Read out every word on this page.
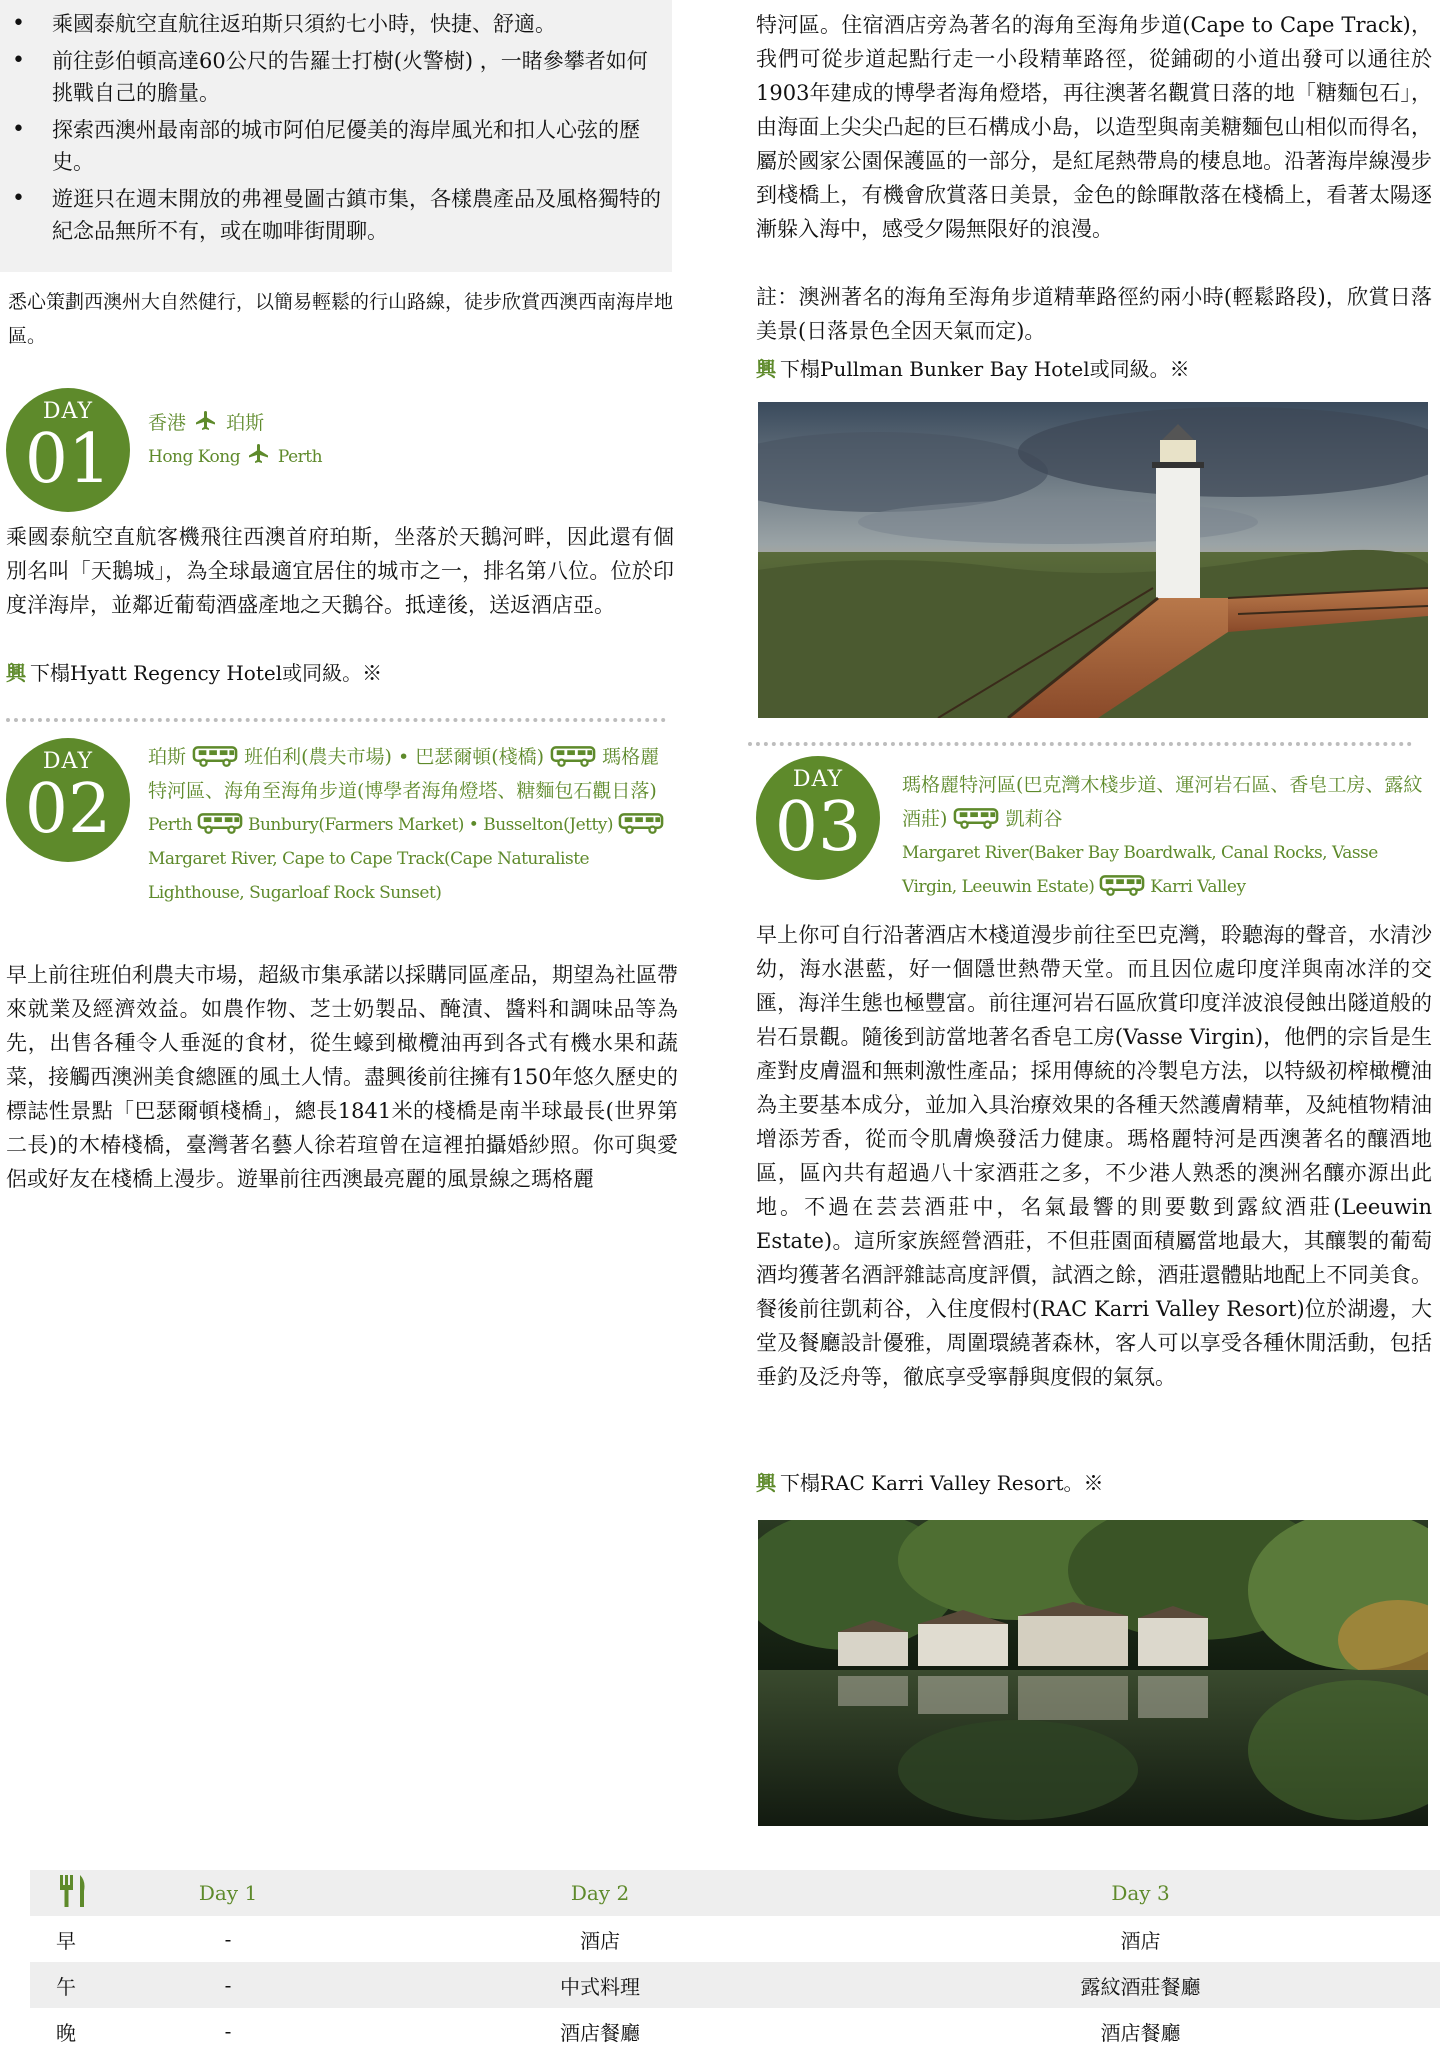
• 乘國泰航空直航往返珀斯只須約七小時，快捷、舒適。
• 前往彭伯頓高達60公尺的告羅士打樹(火警樹) ，一睹參攀者如何挑戰自己的膽量。
• 探索西澳州最南部的城市阿伯尼優美的海岸風光和扣人心弦的歷史。
• 遊逛只在週末開放的弗裡曼圖古鎮市集，各樣農產品及風格獨特的紀念品無所不有，或在咖啡街閒聊。
悉心策劃西澳州大自然健行，以簡易輕鬆的行山路線，徒步欣賞西澳西南海岸地區。
DAY
01	香港 珀斯
Hong Kong Perth
乘國泰航空直航客機飛往西澳首府珀斯，坐落於天鵝河畔，因此還有個別名叫「天鵝城」，為全球最適宜居住的城市之一，排名第八位。位於印度洋海岸，並鄰近葡萄酒盛產地之天鵝谷。抵達後，送返酒店亞。
興 下榻Hyatt Regency Hotel或同級。※
DAY
02
珀斯	班伯利(農夫市場) • 巴瑟爾頓(棧橋)	瑪格麗特河區、海角至海角步道(博學者海角燈塔、糖麵包石觀日落)
Perth	Bunbury(Farmers Market) • Busselton(Jetty)  Margaret River, Cape to Cape Track(Cape Naturaliste Lighthouse, Sugarloaf Rock Sunset)
早上前往班伯利農夫市場，超級市集承諾以採購同區產品，期望為社區帶來就業及經濟效益。如農作物、芝士奶製品、醃漬、醬料和調味品等為先，出售各種令人垂涎的食材，從生蠔到橄欖油再到各式有機水果和蔬菜，接觸西澳洲美食總匯的風土人情。盡興後前往擁有150年悠久歷史的標誌性景點「巴瑟爾頓棧橋」，總長1841米的棧橋是南半球最長(世界第二長)的木椿棧橋，臺灣著名藝人徐若瑄曾在這裡拍攝婚紗照。你可與愛侶或好友在棧橋上漫步。遊畢前往西澳最亮麗的風景線之瑪格麗
特河區。住宿酒店旁為著名的海角至海角步道(Cape to Cape Track)，我們可從步道起點行走一小段精華路徑，從鋪砌的小道出發可以通往於1903年建成的博學者海角燈塔，再往澳著名觀賞日落的地「糖麵包石」，由海面上尖尖凸起的巨石構成小島，以造型與南美糖麵包山相似而得名，屬於國家公園保護區的一部分，是紅尾熱帶鳥的棲息地。沿著海岸線漫步到棧橋上，有機會欣賞落日美景，金色的餘暉散落在棧橋上，看著太陽逐漸躲入海中，感受夕陽無限好的浪漫。
註：澳洲著名的海角至海角步道精華路徑約兩小時(輕鬆路段)，欣賞日落美景(日落景色全因天氣而定)。
興 下榻Pullman Bunker Bay Hotel或同級。※
DAY
03
瑪格麗特河區(巴克灣木棧步道、運河岩石區、香皂工房、露紋酒莊)	凱莉谷
Margaret River(Baker Bay Boardwalk, Canal Rocks, Vasse Virgin, Leeuwin Estate)	Karri Valley
早上你可自行沿著酒店木棧道漫步前往至巴克灣，聆聽海的聲音，水清沙幼，海水湛藍，好一個隱世熱帶天堂。而且因位處印度洋與南冰洋的交匯，海洋生態也極豐富。前往運河岩石區欣賞印度洋波浪侵蝕出隧道般的岩石景觀。隨後到訪當地著名香皂工房(Vasse Virgin)，他們的宗旨是生產對皮膚溫和無刺激性產品；採用傳統的冷製皂方法，以特級初榨橄欖油為主要基本成分，並加入具治療效果的各種天然護膚精華，及純植物精油增添芳香，從而令肌膚煥發活力健康。瑪格麗特河是西澳著名的釀酒地區，區內共有超過八十家酒莊之多，不少港人熟悉的澳洲名釀亦源出此地。不過在芸芸酒莊中，名氣最響的則要數到露紋酒莊(Leeuwin Estate)。這所家族經營酒莊，不但莊園面積屬當地最大，其釀製的葡萄酒均獲著名酒評雜誌高度評價，試酒之餘，酒莊還體貼地配上不同美食。餐後前往凱莉谷，入住度假村(RAC Karri Valley Resort)位於湖邊，大堂及餐廳設計優雅，周圍環繞著森林，客人可以享受各種休閒活動，包括垂釣及泛舟等，徹底享受寧靜與度假的氣氛。
興 下榻RAC Karri Valley Resort。※
	Day 1	Day 2	Day 3
早	-	酒店	酒店
午	-	中式料理	露紋酒莊餐廳
晚	-	酒店餐廳	酒店餐廳
